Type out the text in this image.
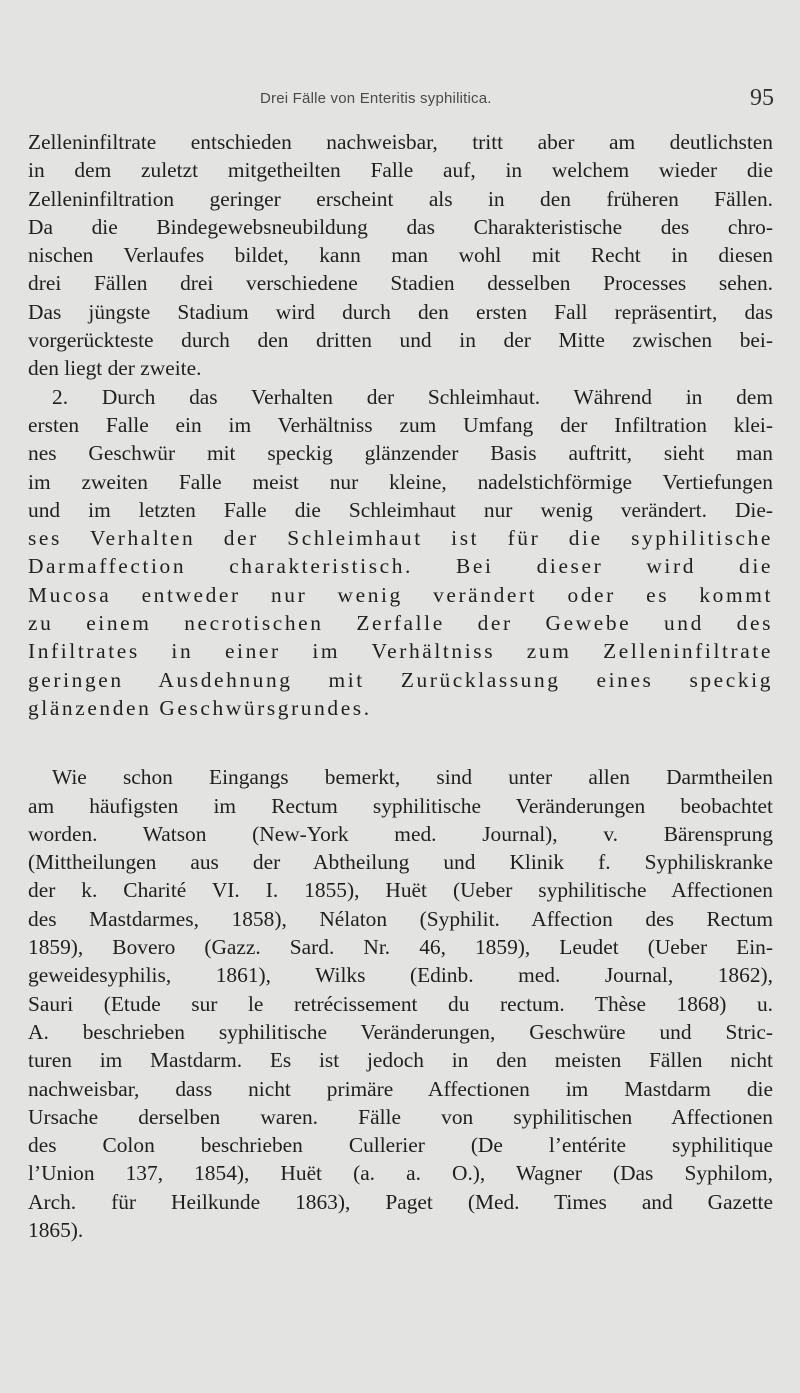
Drei Fälle von Enteritis syphilitica.	95
Zelleninfiltrate entschieden nachweisbar, tritt aber am deutlichsten
in dem zuletzt mitgetheilten Falle auf, in welchem wieder die
Zelleninfiltration geringer erscheint als in den früheren Fällen.
Da die Bindegewebsneubildung das Charakteristische des chro-
nischen Verlaufes bildet, kann man wohl mit Recht in diesen
drei Fällen drei verschiedene Stadien desselben Processes sehen.
Das jüngste Stadium wird durch den ersten Fall repräsentirt, das
vorgerückteste durch den dritten und in der Mitte zwischen bei-
den liegt der zweite.
2. Durch das Verhalten der Schleimhaut. Während in dem
ersten Falle ein im Verhältniss zum Umfang der Infiltration klei-
nes Geschwür mit speckig glänzender Basis auftritt, sieht man
im zweiten Falle meist nur kleine, nadelstichförmige Vertiefungen
und im letzten Falle die Schleimhaut nur wenig verändert. Die-
ses Verhalten der Schleimhaut ist für die syphilitische
Darmaffection charakteristisch. Bei dieser wird die
Mucosa entweder nur wenig verändert oder es kommt
zu einem necrotischen Zerfalle der Gewebe und des
Infiltrates in einer im Verhältniss zum Zelleninfiltrate
geringen Ausdehnung mit Zurücklassung eines speckig
glänzenden Geschwürsgrundes.
Wie schon Eingangs bemerkt, sind unter allen Darmtheilen
am häufigsten im Rectum syphilitische Veränderungen beobachtet
worden. Watson (New-York med. Journal), v. Bärensprung
(Mittheilungen aus der Abtheilung und Klinik f. Syphiliskranke
der k. Charité VI. I. 1855), Huët (Ueber syphilitische Affectionen
des Mastdarmes, 1858), Nélaton (Syphilit. Affection des Rectum
1859), Bovero (Gazz. Sard. Nr. 46, 1859), Leudet (Ueber Ein-
geweidesyphilis, 1861), Wilks (Edinb. med. Journal, 1862),
Sauri (Etude sur le retrécissement du rectum. Thèse 1868) u.
A. beschrieben syphilitische Veränderungen, Geschwüre und Stric-
turen im Mastdarm. Es ist jedoch in den meisten Fällen nicht
nachweisbar, dass nicht primäre Affectionen im Mastdarm die
Ursache derselben waren. Fälle von syphilitischen Affectionen
des Colon beschrieben Cullerier (De l’entérite syphilitique
l’Union 137, 1854), Huët (a. a. O.), Wagner (Das Syphilom,
Arch. für Heilkunde 1863), Paget (Med. Times and Gazette
1865).
